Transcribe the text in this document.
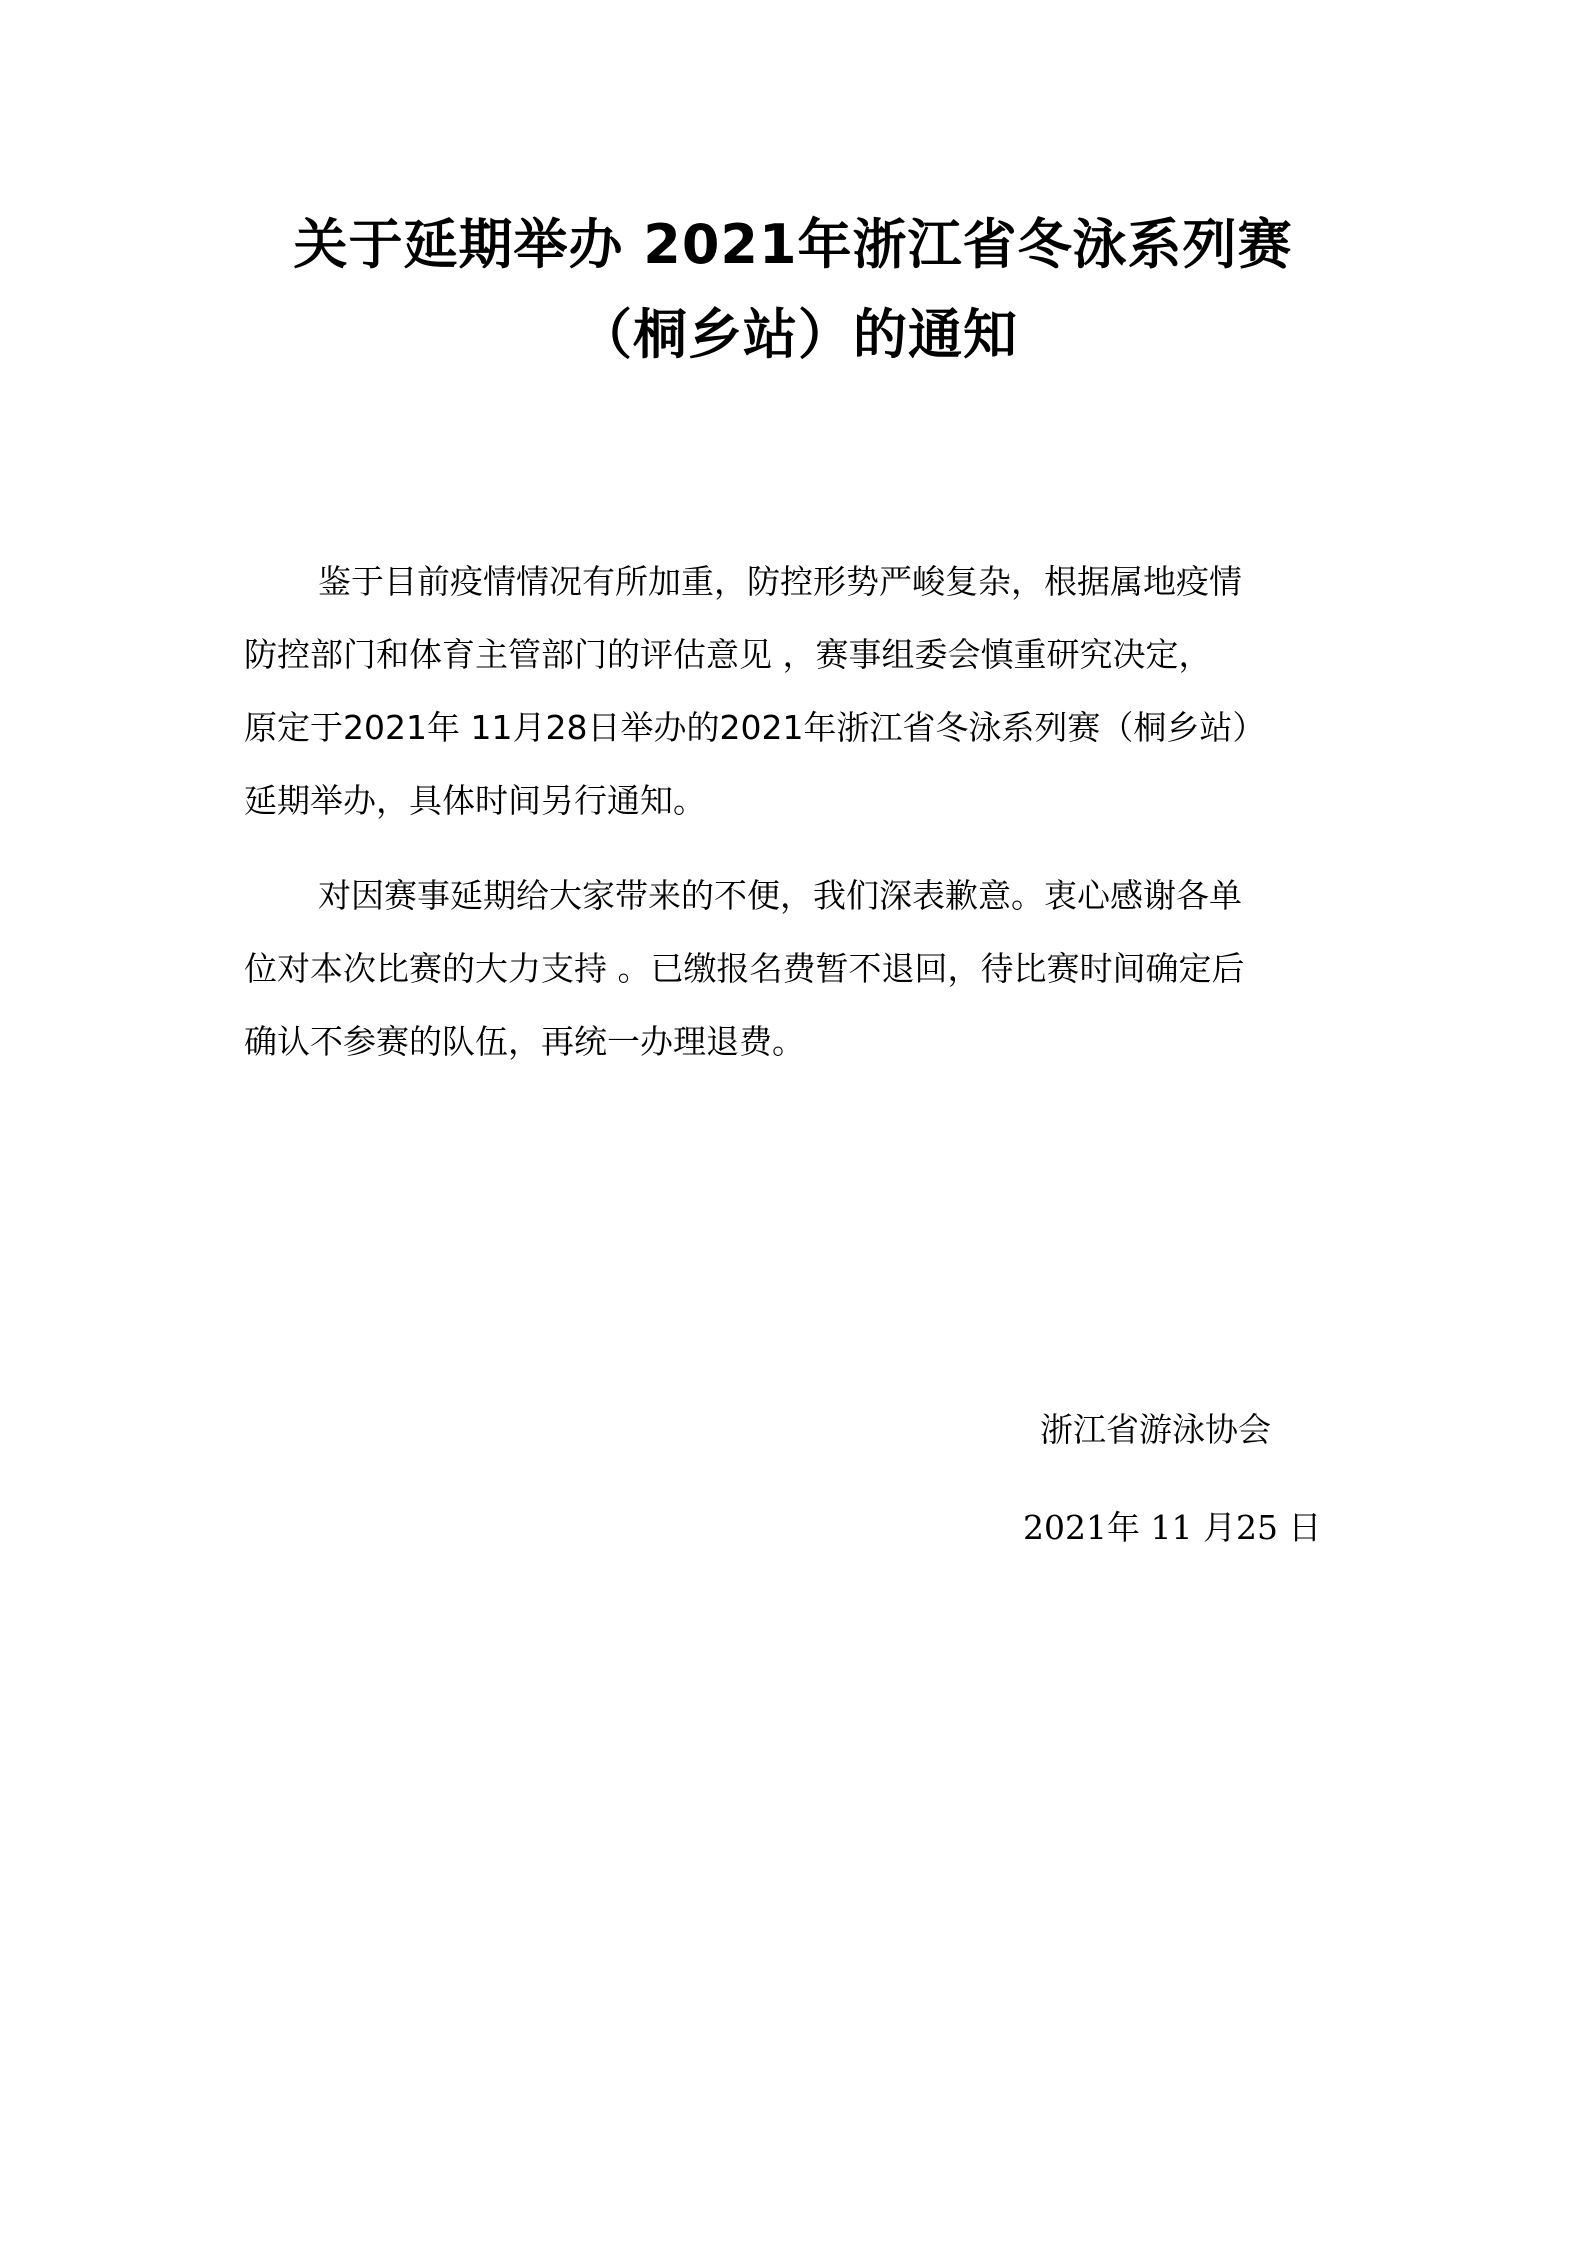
关于延期举办 2021年浙江省冬泳系列赛
（桐乡站）的通知
鉴于目前疫情情况有所加重，防控形势严峻复杂，根据属地疫情
防控部门和体育主管部门的评估意见 ，赛事组委会慎重研究决定，
原定于2021年 11月28日举办的2021年浙江省冬泳系列赛（桐乡站）
延期举办，具体时间另行通知。
对因赛事延期给大家带来的不便，我们深表歉意。衷心感谢各单
位对本次比赛的大力支持 。已缴报名费暂不退回，待比赛时间确定后
确认不参赛的队伍，再统一办理退费。
浙江省游泳协会
2021年 11 月25 日
